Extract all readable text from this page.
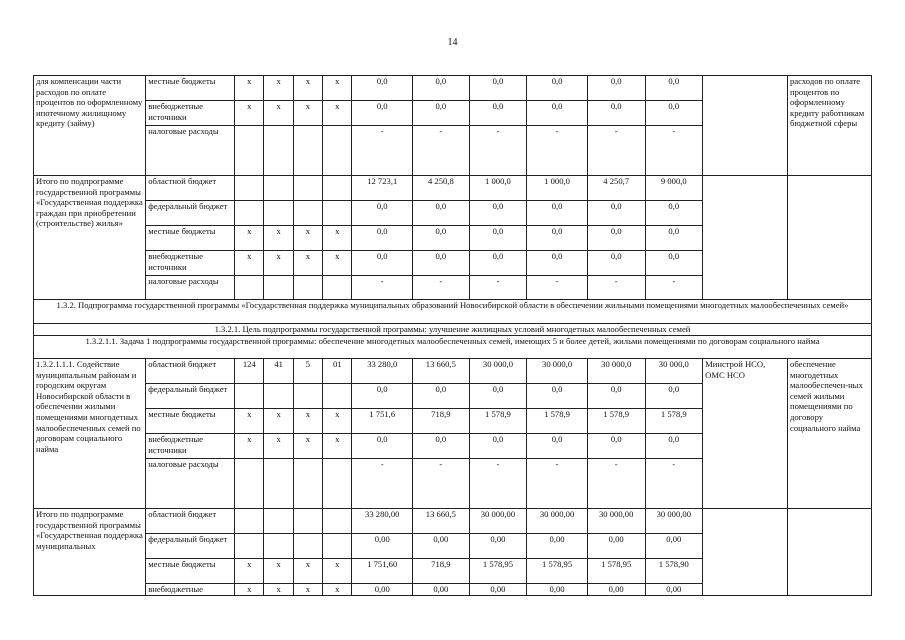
14
для компенсации части расходов по оплате процентов по оформленному ипотечному жилищному кредиту (займу)	местные бюджеты	x	x	x	x	0,0	0,0	0,0	0,0	0,0	0,0		расходов по оплате процентов по оформленному кредиту работникам бюджетной сферы
	внебюджетные источники	x	x	x	x	0,0	0,0	0,0	0,0	0,0	0,0		
	налоговые расходы					-	-	-	-	-	-		
Итого по подпрограмме государственной программы «Государственная поддержка граждан при приобретении (строительстве) жилья»	областной бюджет					12 723,1	4 250,8	1 000,0	1 000,0	4 250,7	9 000,0		
	федеральный бюджет					0,0	0,0	0,0	0,0	0,0	0,0		
	местные бюджеты	x	x	x	x	0,0	0,0	0,0	0,0	0,0	0,0		
	внебюджетные источники	x	x	x	x	0,0	0,0	0,0	0,0	0,0	0,0		
	налоговые расходы					-	-	-	-	-	-		
1.3.2. Подпрограмма государственной программы «Государственная поддержка муниципальных образований Новосибирской области в обеспечении жильными помещениями многодетных малообеспеченных семей»													
1.3.2.1. Цель подпрограммы государственной программы: улучшение жилищных условий многодетных малообеспеченных семей													
1.3.2.1.1. Задача 1 подпрограммы государственной программы: обеспечение многодетных малообеспеченных семей, имеющих 5 и более детей, жильми помещениями по договорам социального найма													
1.3.2.1.1.1. Содействие муниципальным районам и городским округам Новосибирской области в обеспечении жилыми помещениями многодетных малообеспеченных семей по договорам социального найма	областной бюджет	124	41	5	01	33 280,0	13 660,5	30 000,0	30 000,0	30 000,0	30 000,0	Минстрой НСО, ОМС НСО	обеспечение многодетных малообеспечен-ных семей жилыми помещениями по договору социального найма
	федеральный бюджет					0,0	0,0	0,0	0,0	0,0	0,0		
	местные бюджеты	x	x	x	x	1 751,6	718,9	1 578,9	1 578,9	1 578,9	1 578,9		
	внебюджетные источники	x	x	x	x	0,0	0,0	0,0	0,0	0,0	0,0		
	налоговые расходы					-	-	-	-	-	-		
Итого по подпрограмме государственной программы «Государственная поддержка муниципальных	областной бюджет					33 280,00	13 660,5	30 000,00	30 000,00	30 000,00	30 000,00		
	федеральный бюджет					0,00	0,00	0,00	0,00	0,00	0,00		
	местные бюджеты	x	x	x	x	1 751,60	718,9	1 578,95	1 578,95	1 578,95	1 578,90		
	внебюджетные	x	x	x	x	0,00	0,00	0,00	0,00	0,00	0,00		
